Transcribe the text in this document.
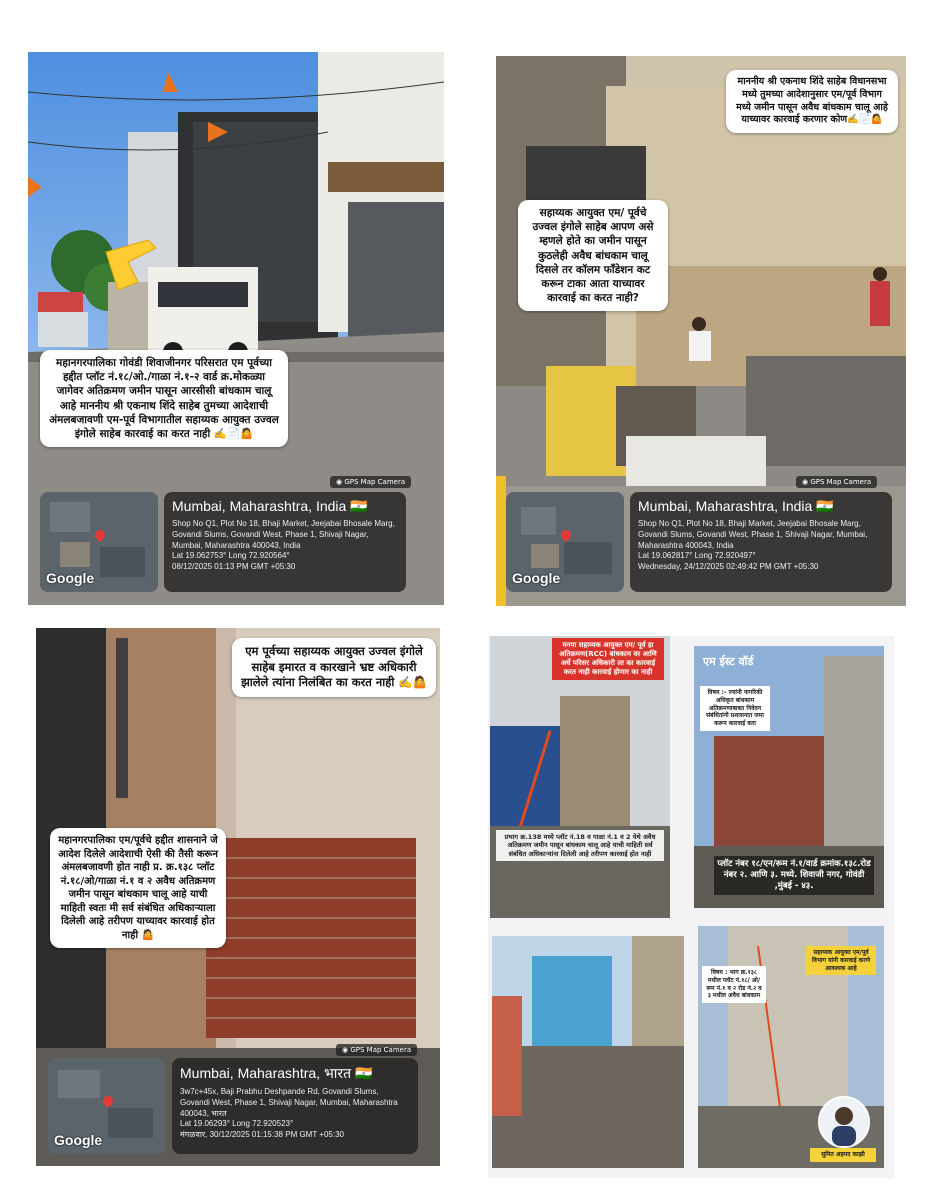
महानगरपालिका गोवंडी शिवाजीनगर परिसरात एम पूर्वच्या हद्दीत प्लॉट नं.१८/ओ./गाळा नं.१-२ वार्ड क्र.मोकळ्या जागेवर अतिक्रमण जमीन पासून आरसीसी बांधकाम चालू आहे माननीय श्री एकनाथ शिंदे साहेब तुमच्या आदेशाची अंमलबजावणी एम-पूर्व विभागातील सहाय्यक आयुक्त उज्वल इंगोले साहेब कारवाई का करत नाही ✍️📄🤷
◉ GPS Map Camera
Google
Mumbai, Maharashtra, India 🇮🇳
Shop No Q1, Plot No 18, Bhaji Market, Jeejabai Bhosale Marg, Govandi Slums, Govandi West, Phase 1, Shivaji Nagar, Mumbai, Maharashtra 400043, India
Lat 19.062753° Long 72.920564°
08/12/2025 01:13 PM GMT +05:30
माननीय श्री एकनाथ शिंदे साहेब विधानसभा मध्ये तुमच्या आदेशानुसार एम/पूर्व विभाग मध्ये जमीन पासून अवैध बांधकाम चालू आहे याच्यावर कारवाई करणार कोण✍️📄🤷
सहाय्यक आयुक्त एम/ पूर्वचे उज्वल इंगोले साहेब आपण असे म्हणले होते का जमीन पासून कुठलेही अवैध बांधकाम चालू दिसले तर कॉलम फॉंडेशन कट करून टाका आता याच्यावर कारवाई का करत नाही?
◉ GPS Map Camera
Google
Mumbai, Maharashtra, India 🇮🇳
Shop No Q1, Plot No 18, Bhaji Market, Jeejabai Bhosale Marg, Govandi Slums, Govandi West, Phase 1, Shivaji Nagar, Mumbai, Maharashtra 400043, India
Lat 19.062817° Long 72.920497°
Wednesday, 24/12/2025 02:49:42 PM GMT +05:30
एम पूर्वच्या सहाय्यक आयुक्त उज्वल इंगोले साहेब इमारत व कारखाने भ्रष्ट अधिकारी झालेले त्यांना निलंबित का करत नाही ✍️🤷
महानगरपालिका एम/पूर्वचे हद्दीत शासनाने जे आदेश दिलेले आदेशाची ऐसी की तैसी करून अंमलबजावणी होत नाही प्र. क्र.१३८ प्लॉट नं.१८/ओ/गाळा नं.१ व २ अवैध अतिक्रमण जमीन पासून बांधकाम चालू आहे याची माहिती स्वतः मी सर्व संबंधित अधिकाऱ्याला दिलेली आहे तरीपण याच्यावर कारवाई होत नाही 🤷
◉ GPS Map Camera
Google
Mumbai, Maharashtra, भारत 🇮🇳
3w7c+45x, Baji Prabhu Deshpande Rd, Govandi Slums, Govandi West, Phase 1, Shivaji Nagar, Mumbai, Maharashtra 400043, भारत
Lat 19.06293° Long 72.920523°
मंगळवार, 30/12/2025 01:15:38 PM GMT +05:30
मनपा सहाय्यक आयुक्त एम/ पूर्व हा अतिक्रमण(RCC) बांधकाम वर आणि अर्धे परिसर अधिकारी ला का कारवाई करत नाही कारवाई होणार का नाही
प्रभाग क्र.138 मध्ये प्लॉट नं.18 व गाळा नं.1 व 2 येथे अवैध अतिक्रमण जमीन पासून बांधकाम चालू आहे याची माहिती सर्व संबंधित अधिकाऱ्यांना दिलेली आहे तरीपण कारवाई होत नाही
एम ईस्ट वॉर्ड
विषय :- ज्यांनी नागरिकी अधिकृत बांधकाम अतिक्रमणाबाबत निवेदन संबंधितांनी प्रशासनात जमा करून कारवाई करा
प्लॉट नंबर १८/एन/रूम नं.१/वार्ड क्रमांक.१३८.रोड नंबर २. आणि ३. मध्ये. शिवाजी नगर, गोवंडी ,मुंबई - ४३.
विषय : भाग क्र.१३८ मधील प्लॉट नं.१८/ ओ/ रूम नं.१ व २ रोड नं.२ व ३ मधील अवैध बांधकाम
सहाय्यक आयुक्त एम/पूर्व विभाग यांनी कारवाई करणे आवश्यक आहे
सुमित अहमद काझी
